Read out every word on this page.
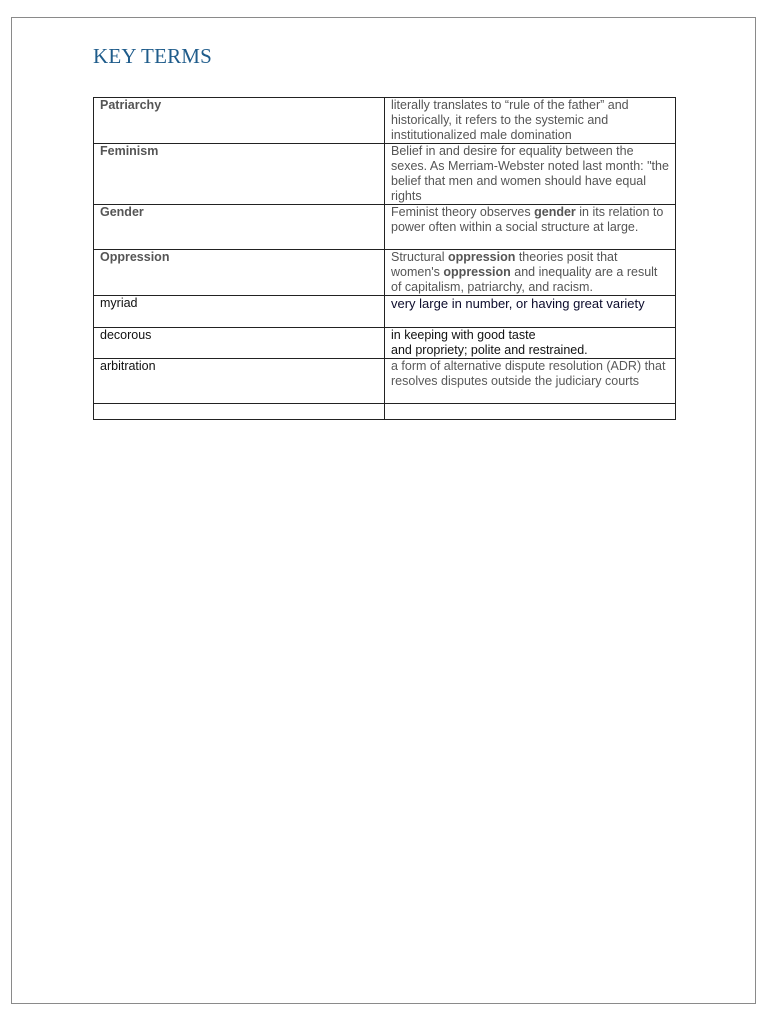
KEY TERMS
Patriarchy	literally translates to “rule of the father” and historically, it refers to the systemic and institutionalized male domination
Feminism	Belief in and desire for equality between the sexes. As Merriam-Webster noted last month: "the belief that men and women should have equal rights
Gender	Feminist theory observes gender in its relation to power often within a social structure at large.
Oppression	Structural oppression theories posit that women's oppression and inequality are a result of capitalism, patriarchy, and racism.
myriad	very large in number, or having great variety
decorous	in keeping with good taste
and propriety; polite and restrained.

arbitration	a form of alternative dispute resolution (ADR) that resolves disputes outside the judiciary courts
